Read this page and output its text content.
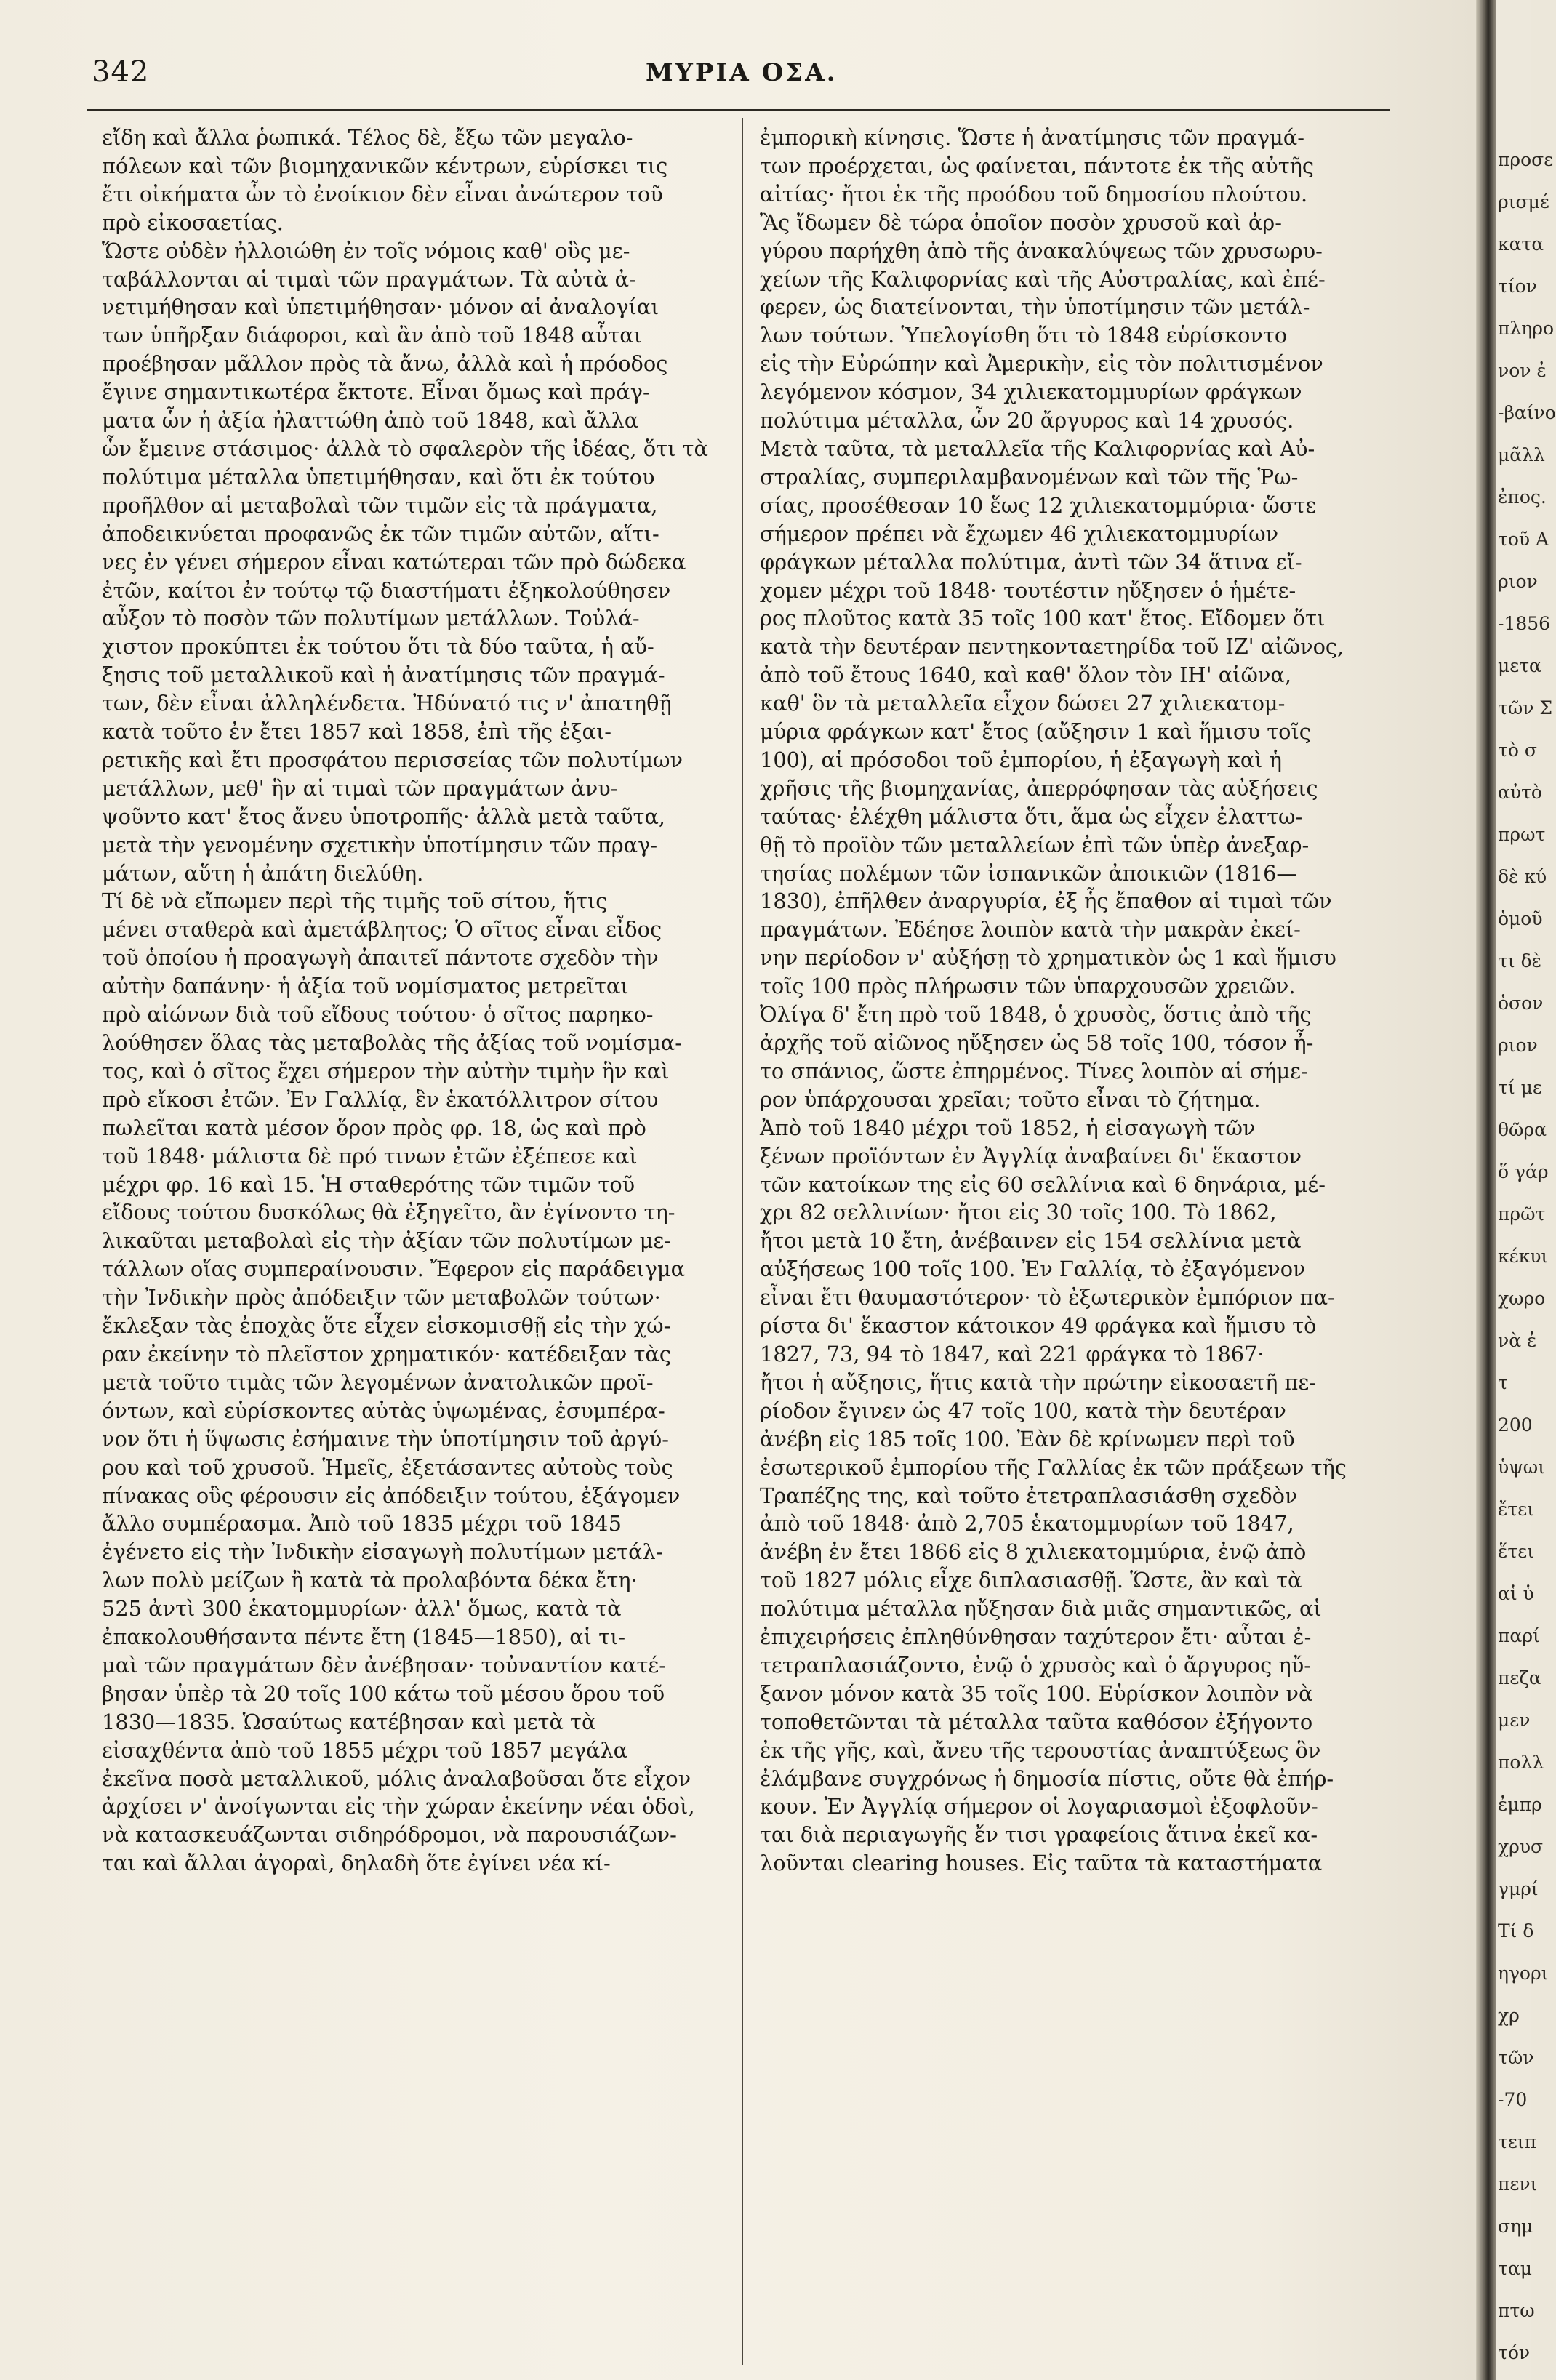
342	ΜΥΡΙΑ ΟΣΑ.

εἴδη καὶ ἄλλα ῥωπικά. Τέλος δὲ, ἔξω τῶν μεγαλο-
πόλεων καὶ τῶν βιομηχανικῶν κέντρων, εὑρίσκει τις
ἔτι οἰκήματα ὧν τὸ ἐνοίκιον δὲν εἶναι ἀνώτερον τοῦ
πρὸ εἰκοσαετίας.

Ὥστε οὐδὲν ἠλλοιώθη ἐν τοῖς νόμοις καθ' οὓς με-
ταβάλλονται αἱ τιμαὶ τῶν πραγμάτων. Τὰ αὐτὰ ἀ-
νετιμήθησαν καὶ ὑπετιμήθησαν· μόνον αἱ ἀναλογίαι
των ὑπῆρξαν διάφοροι, καὶ ἂν ἀπὸ τοῦ 1848 αὗται
προέβησαν μᾶλλον πρὸς τὰ ἄνω, ἀλλὰ καὶ ἡ πρόοδος
ἔγινε σημαντικωτέρα ἔκτοτε. Εἶναι ὅμως καὶ πράγ-
ματα ὧν ἡ ἀξία ἠλαττώθη ἀπὸ τοῦ 1848, καὶ ἄλλα
ὧν ἔμεινε στάσιμος· ἀλλὰ τὸ σφαλερὸν τῆς ἰδέας, ὅτι τὰ
πολύτιμα μέταλλα ὑπετιμήθησαν, καὶ ὅτι ἐκ τούτου
προῆλθον αἱ μεταβολαὶ τῶν τιμῶν εἰς τὰ πράγματα,
ἀποδεικνύεται προφανῶς ἐκ τῶν τιμῶν αὐτῶν, αἵτι-
νες ἐν γένει σήμερον εἶναι κατώτεραι τῶν πρὸ δώδεκα
ἐτῶν, καίτοι ἐν τούτῳ τῷ διαστήματι ἐξηκολούθησεν
αὖξον τὸ ποσὸν τῶν πολυτίμων μετάλλων. Τοὐλά-
χιστον προκύπτει ἐκ τούτου ὅτι τὰ δύο ταῦτα, ἡ αὔ-
ξησις τοῦ μεταλλικοῦ καὶ ἡ ἀνατίμησις τῶν πραγμά-
των, δὲν εἶναι ἀλληλένδετα. Ἠδύνατό τις ν' ἀπατηθῇ
κατὰ τοῦτο ἐν ἔτει 1857 καὶ 1858, ἐπὶ τῆς ἐξαι-
ρετικῆς καὶ ἔτι προσφάτου περισσείας τῶν πολυτίμων
μετάλλων, μεθ' ἣν αἱ τιμαὶ τῶν πραγμάτων ἀνυ-
ψοῦντο κατ' ἔτος ἄνευ ὑποτροπῆς· ἀλλὰ μετὰ ταῦτα,
μετὰ τὴν γενομένην σχετικὴν ὑποτίμησιν τῶν πραγ-
μάτων, αὕτη ἡ ἀπάτη διελύθη.

Τί δὲ νὰ εἴπωμεν περὶ τῆς τιμῆς τοῦ σίτου, ἥτις
μένει σταθερὰ καὶ ἀμετάβλητος; Ὁ σῖτος εἶναι εἶδος
τοῦ ὁποίου ἡ προαγωγὴ ἀπαιτεῖ πάντοτε σχεδὸν τὴν
αὐτὴν δαπάνην· ἡ ἀξία τοῦ νομίσματος μετρεῖται
πρὸ αἰώνων διὰ τοῦ εἴδους τούτου· ὁ σῖτος παρηκο-
λούθησεν ὅλας τὰς μεταβολὰς τῆς ἀξίας τοῦ νομίσμα-
τος, καὶ ὁ σῖτος ἔχει σήμερον τὴν αὐτὴν τιμὴν ἣν καὶ
πρὸ εἴκοσι ἐτῶν. Ἐν Γαλλίᾳ, ἓν ἑκατόλλιτρον σίτου
πωλεῖται κατὰ μέσον ὅρον πρὸς φρ. 18, ὡς καὶ πρὸ
τοῦ 1848· μάλιστα δὲ πρό τινων ἐτῶν ἐξέπεσε καὶ
μέχρι φρ. 16 καὶ 15. Ἡ σταθερότης τῶν τιμῶν τοῦ
εἴδους τούτου δυσκόλως θὰ ἐξηγεῖτο, ἂν ἐγίνοντο τη-
λικαῦται μεταβολαὶ εἰς τὴν ἀξίαν τῶν πολυτίμων με-
τάλλων οἵας συμπεραίνουσιν. Ἔφερον εἰς παράδειγμα
τὴν Ἰνδικὴν πρὸς ἀπόδειξιν τῶν μεταβολῶν τούτων·
ἔκλεξαν τὰς ἐποχὰς ὅτε εἶχεν εἰσκομισθῇ εἰς τὴν χώ-
ραν ἐκείνην τὸ πλεῖστον χρηματικόν· κατέδειξαν τὰς
μετὰ τοῦτο τιμὰς τῶν λεγομένων ἀνατολικῶν προϊ-
όντων, καὶ εὑρίσκοντες αὐτὰς ὑψωμένας, ἐσυμπέρα-
νον ὅτι ἡ ὕψωσις ἐσήμαινε τὴν ὑποτίμησιν τοῦ ἀργύ-
ρου καὶ τοῦ χρυσοῦ. Ἡμεῖς, ἐξετάσαντες αὐτοὺς τοὺς
πίνακας οὓς φέρουσιν εἰς ἀπόδειξιν τούτου, ἐξάγομεν
ἄλλο συμπέρασμα. Ἀπὸ τοῦ 1835 μέχρι τοῦ 1845
ἐγένετο εἰς τὴν Ἰνδικὴν εἰσαγωγὴ πολυτίμων μετάλ-
λων πολὺ μείζων ἢ κατὰ τὰ προλαβόντα δέκα ἔτη·
525 ἀντὶ 300 ἑκατομμυρίων· ἀλλ' ὅμως, κατὰ τὰ
ἐπακολουθήσαντα πέντε ἔτη (1845—1850), αἱ τι-
μαὶ τῶν πραγμάτων δὲν ἀνέβησαν· τοὐναντίον κατέ-
βησαν ὑπὲρ τὰ 20 τοῖς 100 κάτω τοῦ μέσου ὅρου τοῦ
1830—1835. Ὡσαύτως κατέβησαν καὶ μετὰ τὰ
εἰσαχθέντα ἀπὸ τοῦ 1855 μέχρι τοῦ 1857 μεγάλα
ἐκεῖνα ποσὰ μεταλλικοῦ, μόλις ἀναλαβοῦσαι ὅτε εἶχον
ἀρχίσει ν' ἀνοίγωνται εἰς τὴν χώραν ἐκείνην νέαι ὁδοὶ,
νὰ κατασκευάζωνται σιδηρόδρομοι, νὰ παρουσιάζων-
ται καὶ ἄλλαι ἀγοραὶ, δηλαδὴ ὅτε ἐγίνει νέα κί-

ἐμπορικὴ κίνησις. Ὥστε ἡ ἀνατίμησις τῶν πραγμά-
των προέρχεται, ὡς φαίνεται, πάντοτε ἐκ τῆς αὐτῆς
αἰτίας· ἤτοι ἐκ τῆς προόδου τοῦ δημοσίου πλούτου.

Ἂς ἴδωμεν δὲ τώρα ὁποῖον ποσὸν χρυσοῦ καὶ ἀρ-
γύρου παρήχθη ἀπὸ τῆς ἀνακαλύψεως τῶν χρυσωρυ-
χείων τῆς Καλιφορνίας καὶ τῆς Αὐστραλίας, καὶ ἐπέ-
φερεν, ὡς διατείνονται, τὴν ὑποτίμησιν τῶν μετάλ-
λων τούτων. Ὑπελογίσθη ὅτι τὸ 1848 εὑρίσκοντο
εἰς τὴν Εὐρώπην καὶ Ἀμερικὴν, εἰς τὸν πολιτισμένον
λεγόμενον κόσμον, 34 χιλιεκατομμυρίων φράγκων
πολύτιμα μέταλλα, ὧν 20 ἄργυρος καὶ 14 χρυσός.
Μετὰ ταῦτα, τὰ μεταλλεῖα τῆς Καλιφορνίας καὶ Αὐ-
στραλίας, συμπεριλαμβανομένων καὶ τῶν τῆς Ῥω-
σίας, προσέθεσαν 10 ἕως 12 χιλιεκατομμύρια· ὥστε
σήμερον πρέπει νὰ ἔχωμεν 46 χιλιεκατομμυρίων
φράγκων μέταλλα πολύτιμα, ἀντὶ τῶν 34 ἅτινα εἴ-
χομεν μέχρι τοῦ 1848· τουτέστιν ηὔξησεν ὁ ἡμέτε-
ρος πλοῦτος κατὰ 35 τοῖς 100 κατ' ἔτος. Εἴδομεν ὅτι
κατὰ τὴν δευτέραν πεντηκονταετηρίδα τοῦ ΙΖ' αἰῶνος,
ἀπὸ τοῦ ἔτους 1640, καὶ καθ' ὅλον τὸν ΙΗ' αἰῶνα,
καθ' ὃν τὰ μεταλλεῖα εἶχον δώσει 27 χιλιεκατομ-
μύρια φράγκων κατ' ἔτος (αὔξησιν 1 καὶ ἥμισυ τοῖς
100), αἱ πρόσοδοι τοῦ ἐμπορίου, ἡ ἐξαγωγὴ καὶ ἡ
χρῆσις τῆς βιομηχανίας, ἀπερρόφησαν τὰς αὐξήσεις
ταύτας· ἐλέχθη μάλιστα ὅτι, ἅμα ὡς εἶχεν ἐλαττω-
θῇ τὸ προϊὸν τῶν μεταλλείων ἐπὶ τῶν ὑπὲρ ἀνεξαρ-
τησίας πολέμων τῶν ἰσπανικῶν ἀποικιῶν (1816—
1830), ἐπῆλθεν ἀναργυρία, ἐξ ἧς ἔπαθον αἱ τιμαὶ τῶν
πραγμάτων. Ἐδέησε λοιπὸν κατὰ τὴν μακρὰν ἐκεί-
νην περίοδον ν' αὐξήσῃ τὸ χρηματικὸν ὡς 1 καὶ ἥμισυ
τοῖς 100 πρὸς πλήρωσιν τῶν ὑπαρχουσῶν χρειῶν.
Ὀλίγα δ' ἔτη πρὸ τοῦ 1848, ὁ χρυσὸς, ὅστις ἀπὸ τῆς
ἀρχῆς τοῦ αἰῶνος ηὔξησεν ὡς 58 τοῖς 100, τόσον ἦ-
το σπάνιος, ὥστε ἐπηρμένος. Τίνες λοιπὸν αἱ σήμε-
ρον ὑπάρχουσαι χρεῖαι; τοῦτο εἶναι τὸ ζήτημα.

Ἀπὸ τοῦ 1840 μέχρι τοῦ 1852, ἡ εἰσαγωγὴ τῶν
ξένων προϊόντων ἐν Ἀγγλίᾳ ἀναβαίνει δι' ἕκαστον
τῶν κατοίκων της εἰς 60 σελλίνια καὶ 6 δηνάρια, μέ-
χρι 82 σελλινίων· ἤτοι εἰς 30 τοῖς 100. Τὸ 1862,
ἤτοι μετὰ 10 ἔτη, ἀνέβαινεν εἰς 154 σελλίνια μετὰ
αὐξήσεως 100 τοῖς 100. Ἐν Γαλλίᾳ, τὸ ἐξαγόμενον
εἶναι ἔτι θαυμαστότερον· τὸ ἐξωτερικὸν ἐμπόριον πα-
ρίστα δι' ἕκαστον κάτοικον 49 φράγκα καὶ ἥμισυ τὸ
1827, 73, 94 τὸ 1847, καὶ 221 φράγκα τὸ 1867·
ἤτοι ἡ αὔξησις, ἥτις κατὰ τὴν πρώτην εἰκοσαετῆ πε-
ρίοδον ἔγινεν ὡς 47 τοῖς 100, κατὰ τὴν δευτέραν
ἀνέβη εἰς 185 τοῖς 100. Ἐὰν δὲ κρίνωμεν περὶ τοῦ
ἐσωτερικοῦ ἐμπορίου τῆς Γαλλίας ἐκ τῶν πράξεων τῆς
Τραπέζης της, καὶ τοῦτο ἐτετραπλασιάσθη σχεδὸν
ἀπὸ τοῦ 1848· ἀπὸ 2,705 ἑκατομμυρίων τοῦ 1847,
ἀνέβη ἐν ἔτει 1866 εἰς 8 χιλιεκατομμύρια, ἐνῷ ἀπὸ
τοῦ 1827 μόλις εἶχε διπλασιασθῇ. Ὥστε, ἂν καὶ τὰ
πολύτιμα μέταλλα ηὔξησαν διὰ μιᾶς σημαντικῶς, αἱ
ἐπιχειρήσεις ἐπληθύνθησαν ταχύτερον ἔτι· αὗται ἐ-
τετραπλασιάζοντο, ἐνῷ ὁ χρυσὸς καὶ ὁ ἄργυρος ηὔ-
ξανον μόνον κατὰ 35 τοῖς 100. Εὑρίσκον λοιπὸν νὰ
τοποθετῶνται τὰ μέταλλα ταῦτα καθόσον ἐξήγοντο
ἐκ τῆς γῆς, καὶ, ἄνευ τῆς τερουστίας ἀναπτύξεως ὃν
ἐλάμβανε συγχρόνως ἡ δημοσία πίστις, οὔτε θὰ ἐπήρ-
κουν. Ἐν Ἀγγλίᾳ σήμερον οἱ λογαριασμοὶ ἐξοφλοῦν-
ται διὰ περιαγωγῆς ἔν τισι γραφείοις ἅτινα ἐκεῖ κα-
λοῦνται clearing houses. Εἰς ταῦτα τὰ καταστήματα

προσε
ρισμέ
κατα
τίον
πληρο
νον ἐ
-βαίνο
μᾶλλ
ἐπος.
τοῦ Α
ριον
-1856
μετα
τῶν Σ
τὸ σ
αὐτὸ
πρωτ
δὲ κύ
ὁμοῦ
τι δὲ
ὁσον
ριον
τί με
θῶρα
ὅ γάρ
πρῶτ
κέκυι
χωρο
νὰ ἐ
τ
200
ὑψωι
ἔτει
ἕτει
αἱ ὑ
παρί
πεζα
μεν
πολλ
ἐμπρ
χρυσ
γμρί
Τί δ
ηγορι
χρ
τῶν
-70
τειπ
πενι
σημ
ταμ
πτω
τόν
